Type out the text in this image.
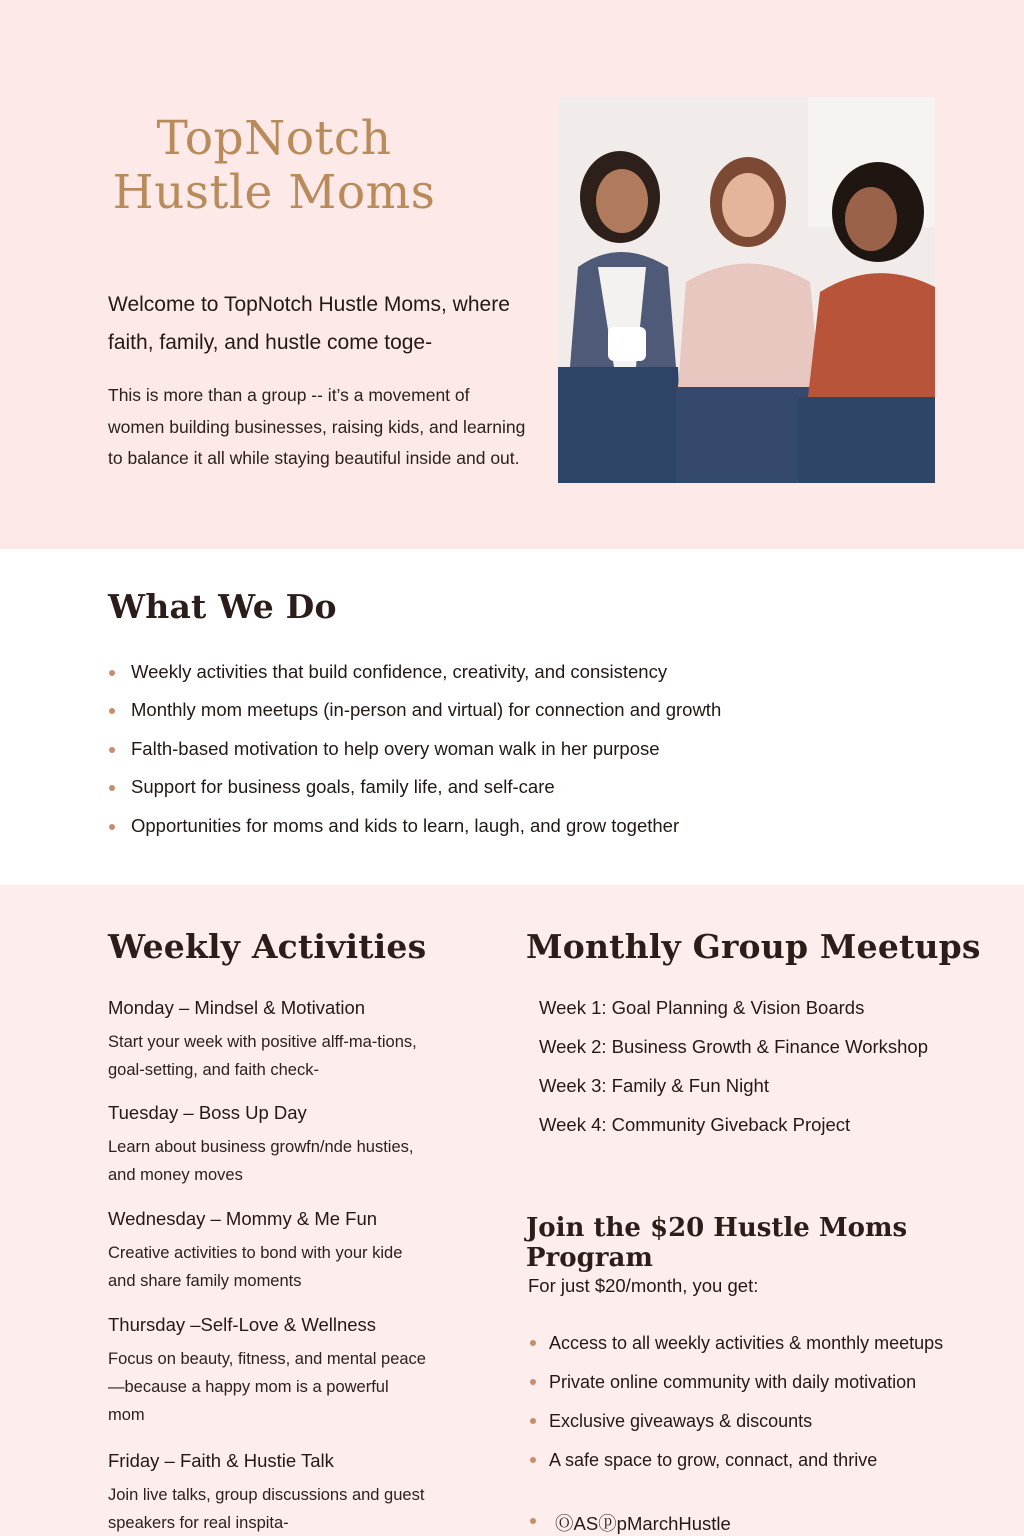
TopNotch
Hustle Moms

Welcome to TopNotch Hustle Moms, where faith, family, and hustle come toge-

This is more than a group -- it’s a movement of women building businesses, raising kids, and learning to balance it all while staying beautiful inside and out.

What We Do
Weekly activities that build confidence, creativity, and consistency
Monthly mom meetups (in-person and virtual) for connection and growth
Falth-based motivation to help overy woman walk in her purpose
Support for business goals, family life, and self-care
Opportunities for moms and kids to learn, laugh, and grow together
Weekly Activities
Monday – Mindsel & Motivation
Start your week with positive alff-ma-tions, goal-setting, and faith check-
Tuesday – Boss Up Day
Learn about business growfn/nde husties, and money moves
Wednesday – Mommy & Me Fun
Creative activities to bond with your kide and share family moments
Thursday –Self-Love & Wellness
Focus on beauty, fitness, and mental peace —because a happy mom is a powerful mom
Friday – Faith & Hustie Talk
Join live talks, group discussions and guest speakers for real inspita-
Monthly Group Meetups
Week 1: Goal Planning & Vision Boards
Week 2: Business Growth & Finance Workshop
Week 3: Family & Fun Night
Week 4: Community Giveback Project
Join the $20 Hustle Moms Program

For just $20/month, you get:

Access to all weekly activities & monthly meetups
Private online community with daily motivation
Exclusive giveaways & discounts
A safe space to grow, connact, and thrive
ⓄASⓟpMarchHustle
